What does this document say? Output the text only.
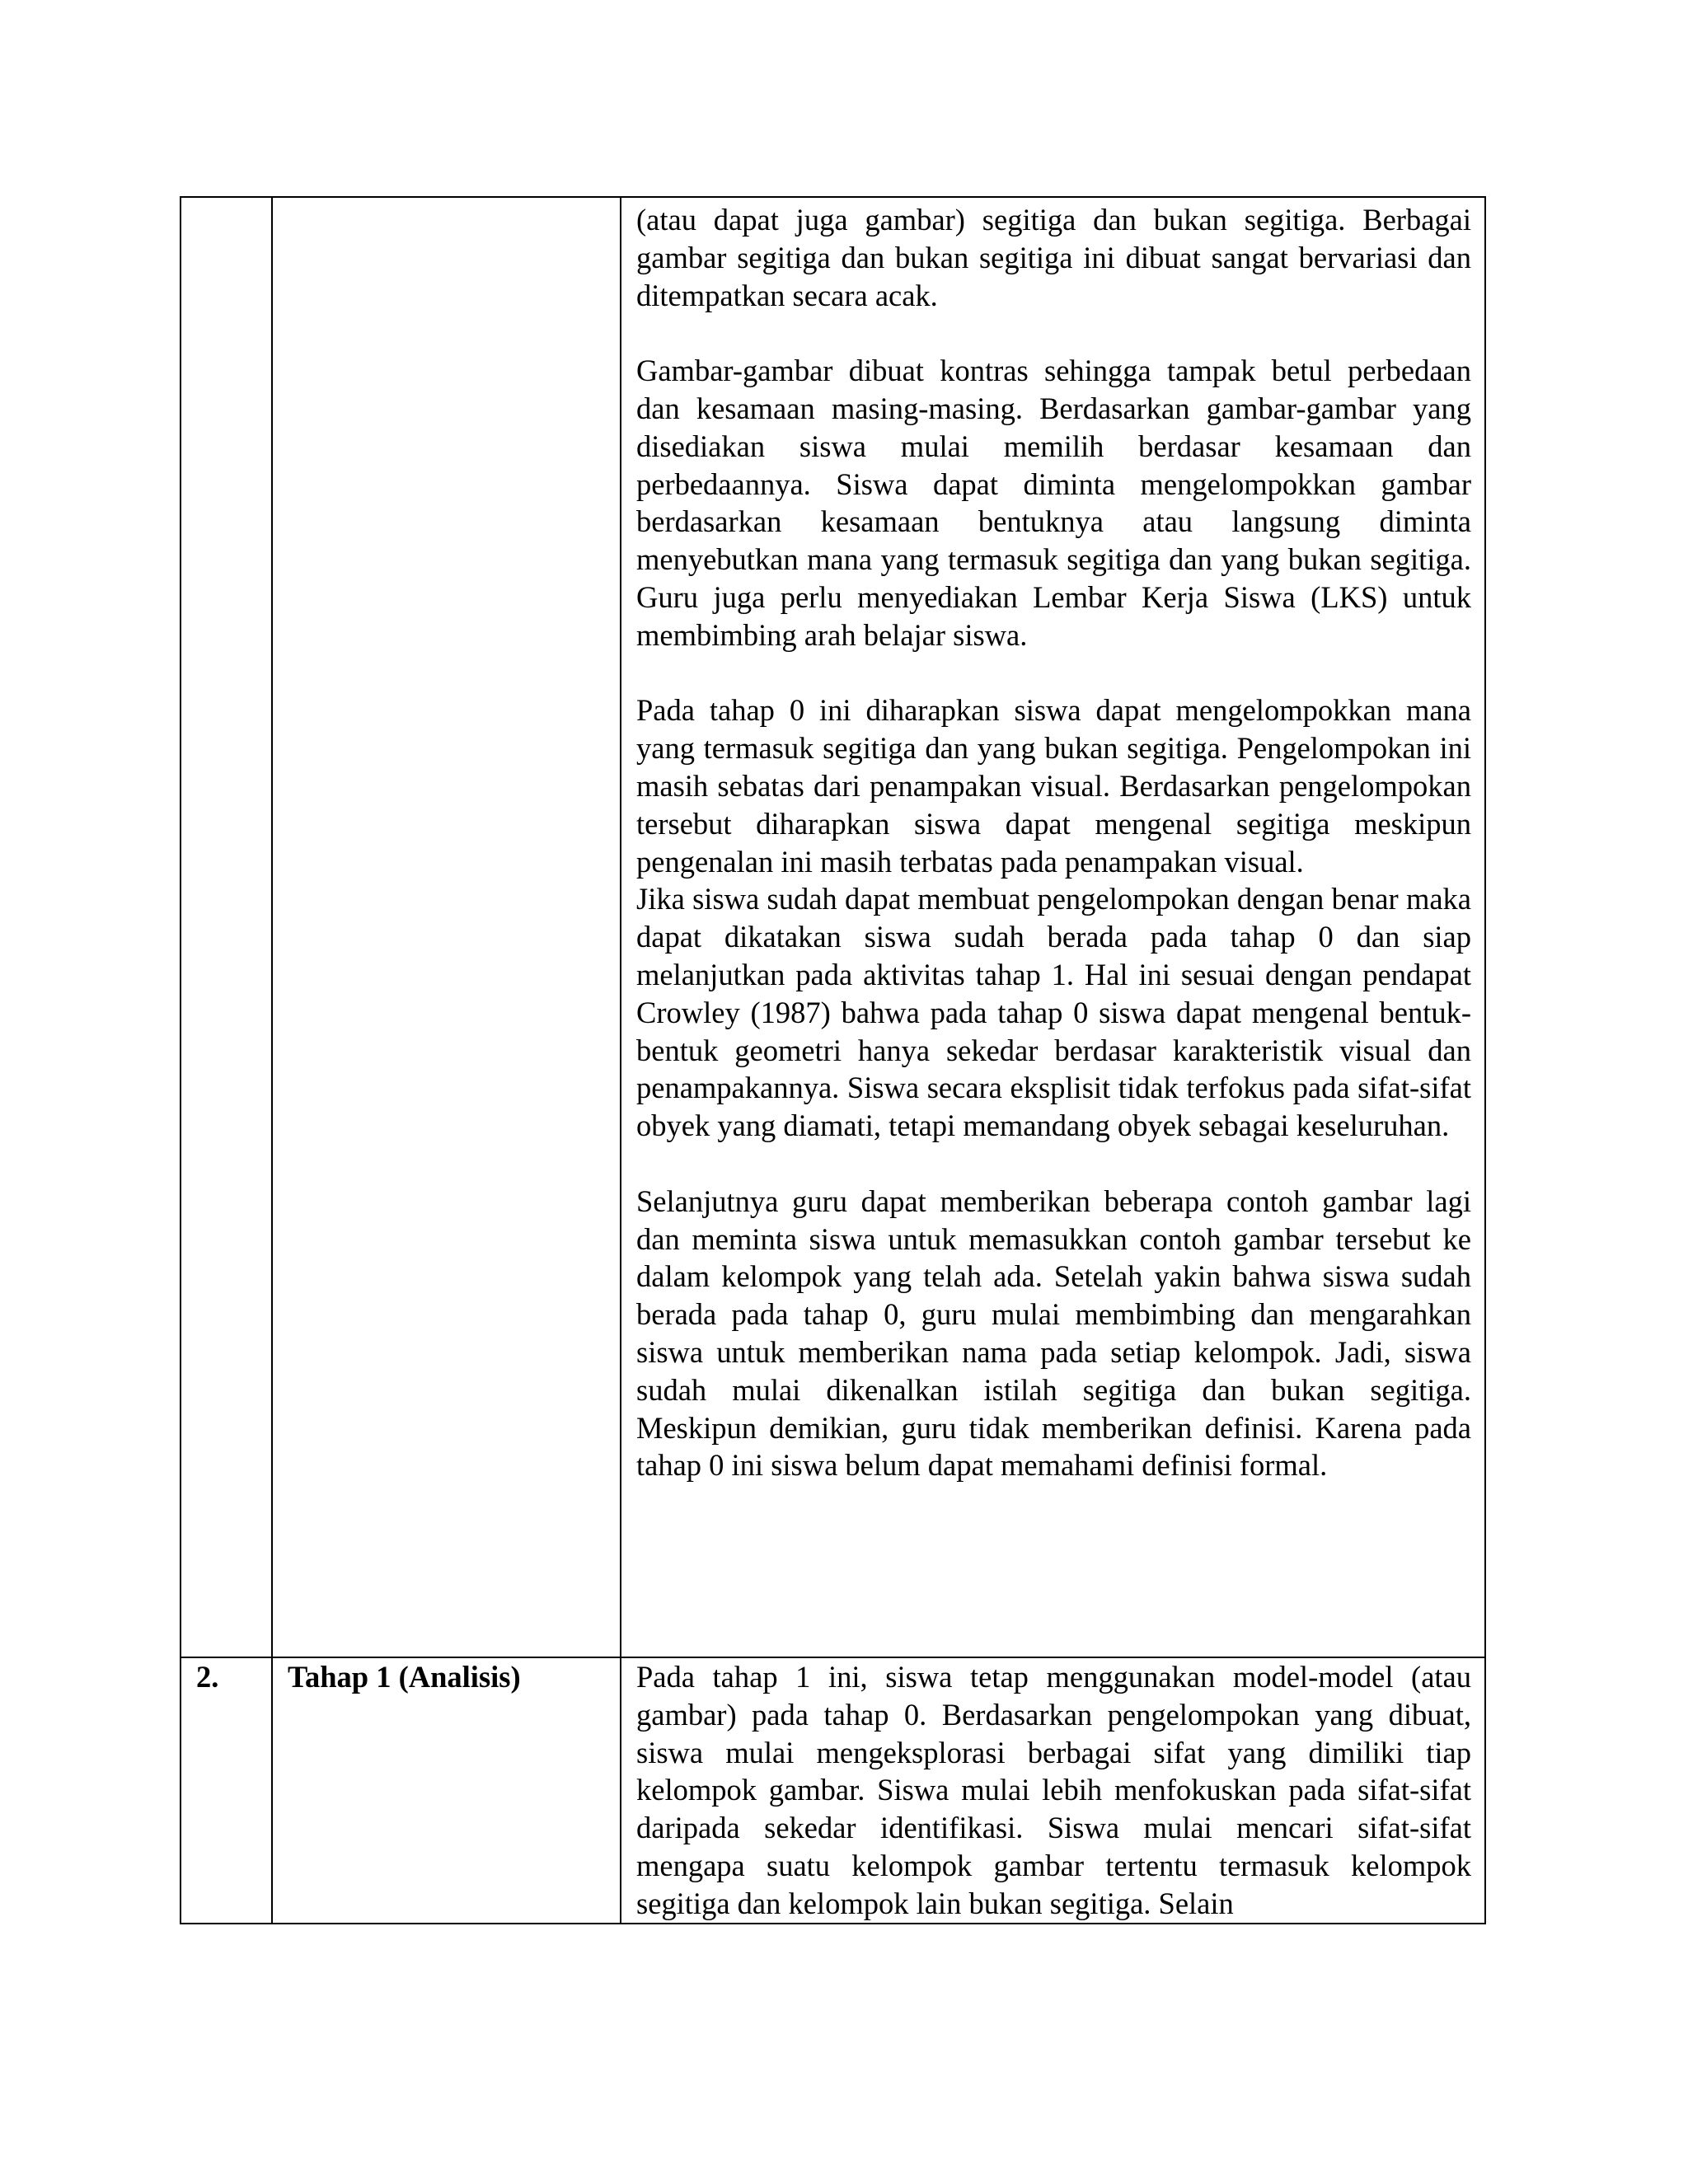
		(atau dapat juga gambar) segitiga dan bukan segitiga. Berbagai gambar segitiga dan bukan segitiga ini dibuat sangat bervariasi dan ditempatkan secara acak.

Gambar-gambar dibuat kontras sehingga tampak betul perbedaan dan kesamaan masing-masing. Berdasarkan gambar-gambar yang disediakan siswa mulai memilih berdasar kesamaan dan perbedaannya. Siswa dapat diminta mengelompokkan gambar berdasarkan kesamaan bentuknya atau langsung diminta menyebutkan mana yang termasuk segitiga dan yang bukan segitiga. Guru juga perlu menyediakan Lembar Kerja Siswa (LKS) untuk membimbing arah belajar siswa.

Pada tahap 0 ini diharapkan siswa dapat mengelompokkan mana yang termasuk segitiga dan yang bukan segitiga. Pengelompokan ini masih sebatas dari penampakan visual. Berdasarkan pengelompokan tersebut diharapkan siswa dapat mengenal segitiga meskipun pengenalan ini masih terbatas pada penampakan visual.

Jika siswa sudah dapat membuat pengelompokan dengan benar maka dapat dikatakan siswa sudah berada pada tahap 0 dan siap melanjutkan pada aktivitas tahap 1. Hal ini sesuai dengan pendapat Crowley (1987) bahwa pada tahap 0 siswa dapat mengenal bentuk-bentuk geometri hanya sekedar berdasar karakteristik visual dan penampakannya. Siswa secara eksplisit tidak terfokus pada sifat-sifat obyek yang diamati, tetapi memandang obyek sebagai keseluruhan.

Selanjutnya guru dapat memberikan beberapa contoh gambar lagi dan meminta siswa untuk memasukkan contoh gambar tersebut ke dalam kelompok yang telah ada. Setelah yakin bahwa siswa sudah berada pada tahap 0, guru mulai membimbing dan mengarahkan siswa untuk memberikan nama pada setiap kelompok. Jadi, siswa sudah mulai dikenalkan istilah segitiga dan bukan segitiga. Meskipun demikian, guru tidak memberikan definisi. Karena pada tahap 0 ini siswa belum dapat memahami definisi formal.

2.	Tahap 1 (Analisis)	Pada tahap 1 ini, siswa tetap menggunakan model-model (atau gambar) pada tahap 0. Berdasarkan pengelompokan yang dibuat, siswa mulai mengeksplorasi berbagai sifat yang dimiliki tiap kelompok gambar. Siswa mulai lebih menfokuskan pada sifat-sifat daripada sekedar identifikasi. Siswa mulai mencari sifat-sifat mengapa suatu kelompok gambar tertentu termasuk kelompok segitiga dan kelompok lain bukan segitiga. Selain
